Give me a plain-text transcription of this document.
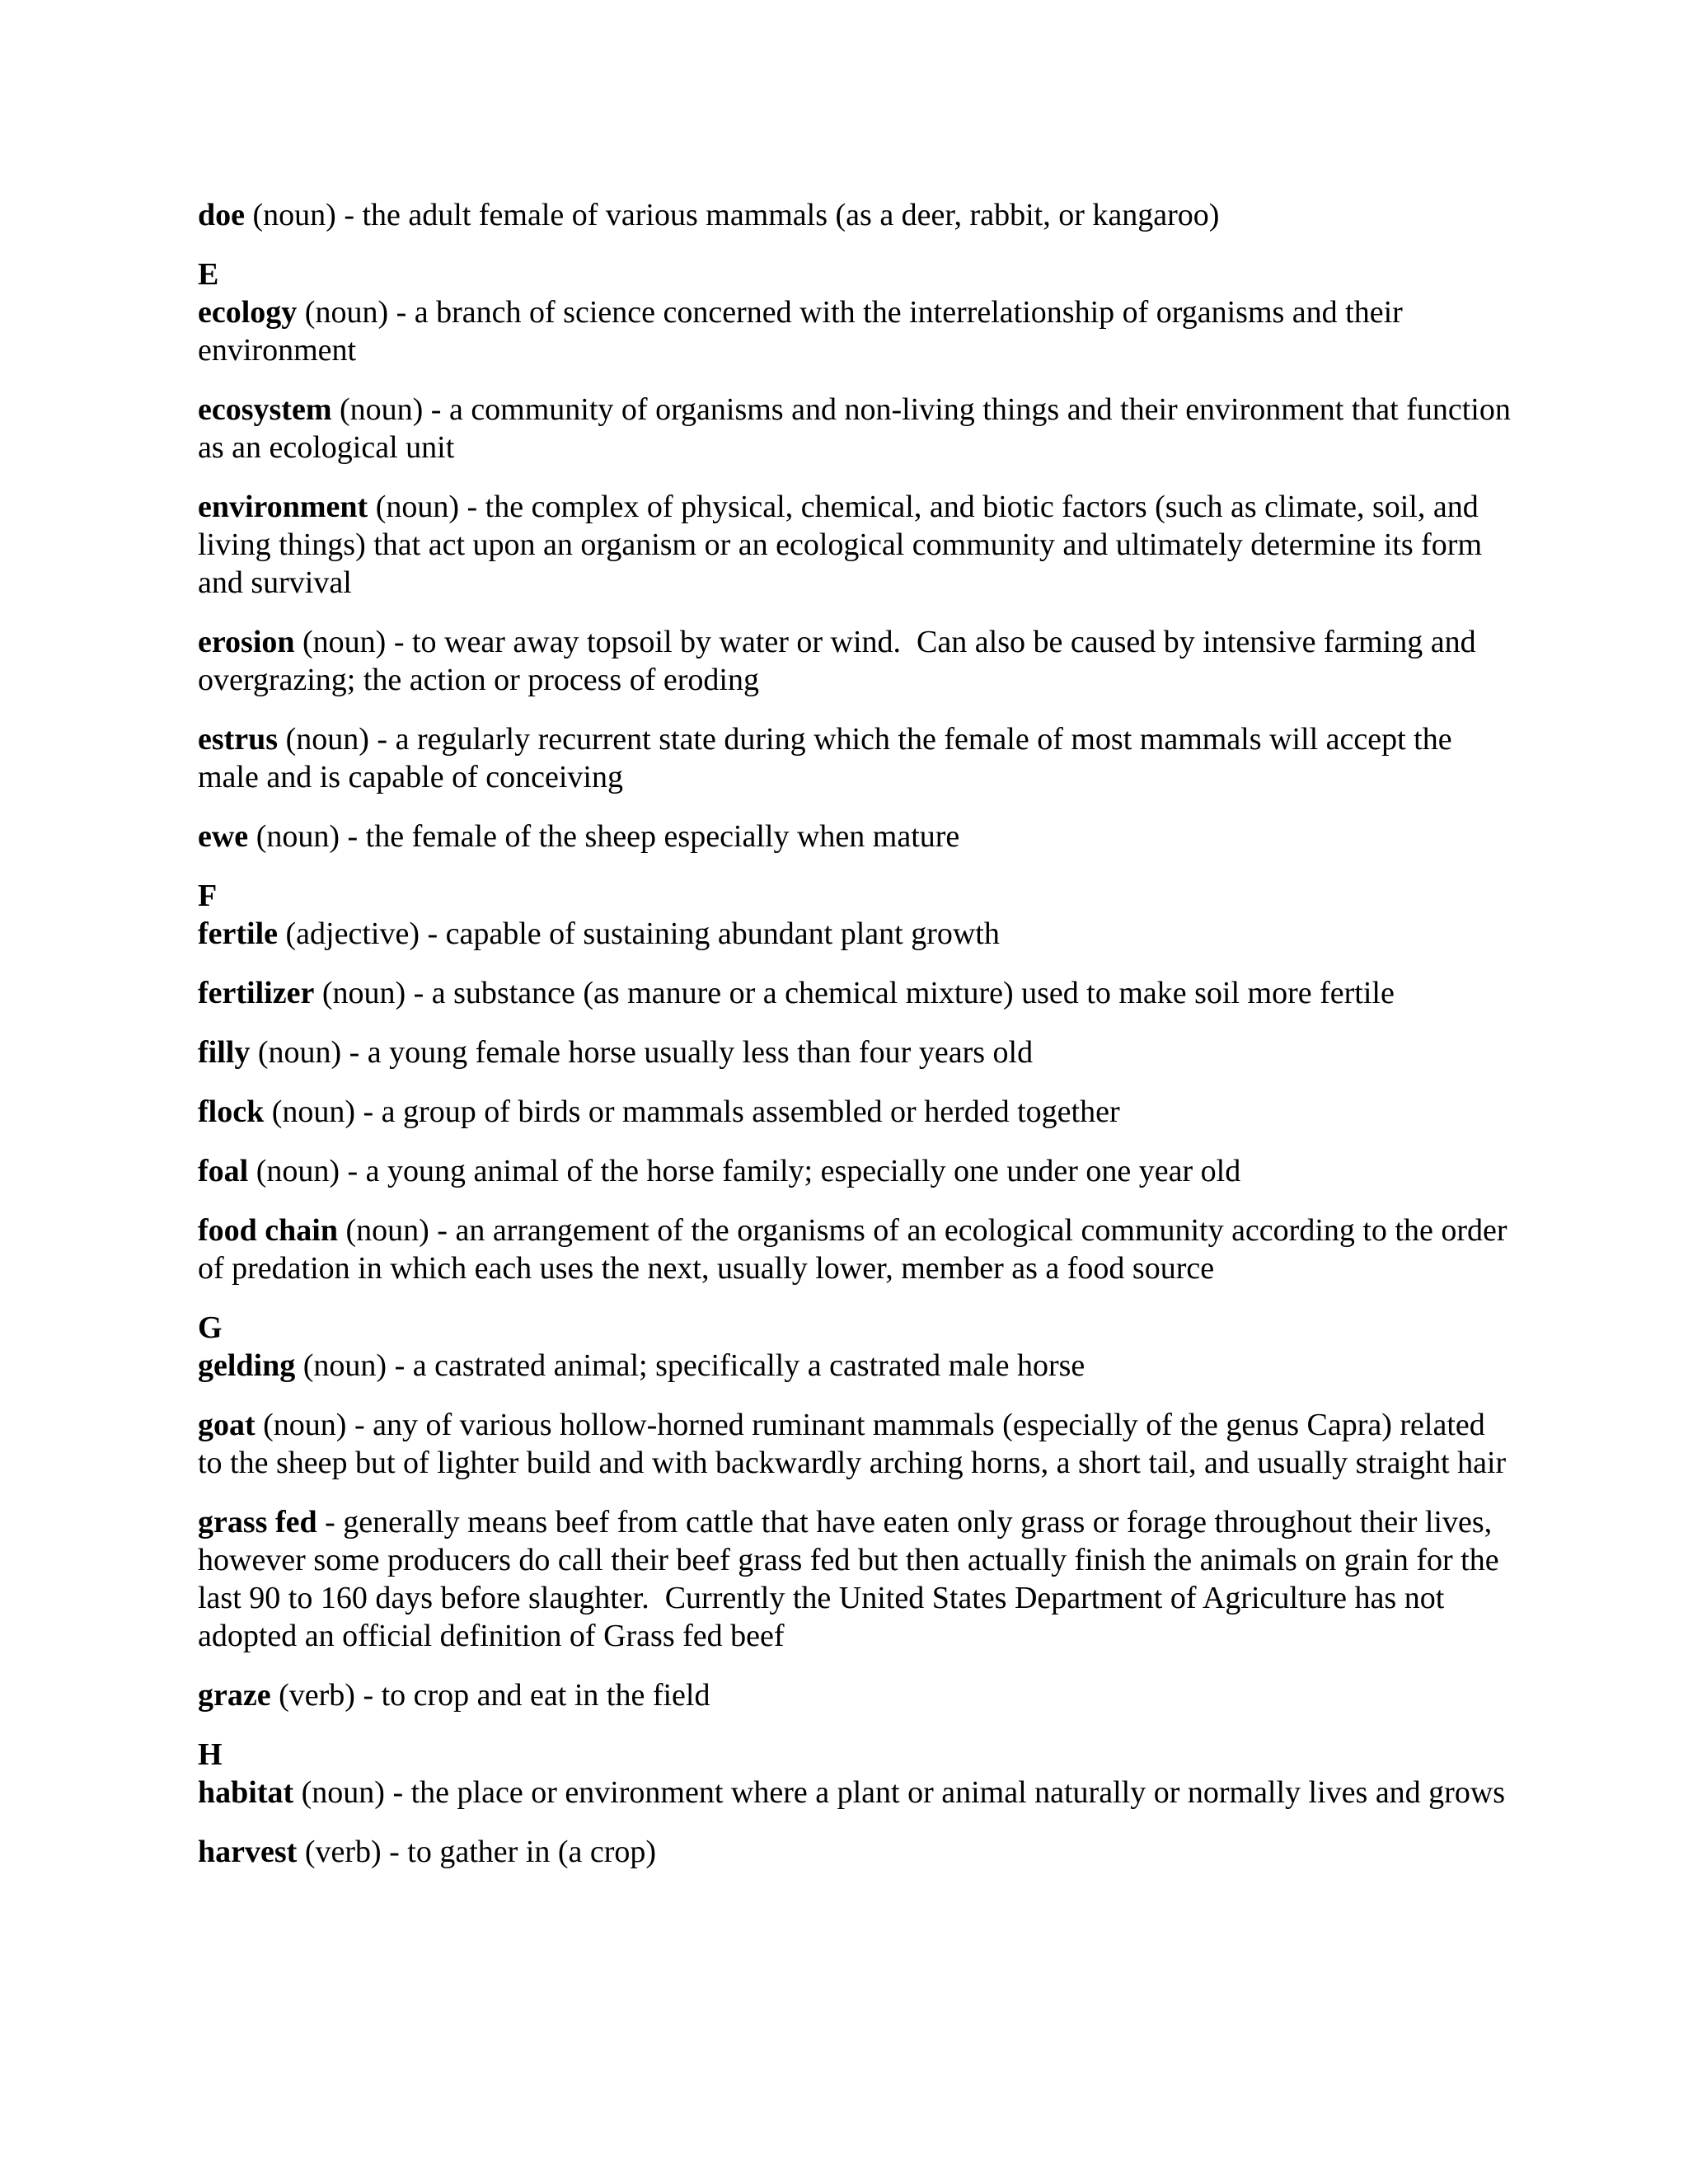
doe (noun) - the adult female of various mammals (as a deer, rabbit, or kangaroo)

E

ecology (noun) - a branch of science concerned with the interrelationship of organisms and their environment

ecosystem (noun) - a community of organisms and non-living things and their environment that function as an ecological unit

environment (noun) - the complex of physical, chemical, and biotic factors (such as climate, soil, and living things) that act upon an organism or an ecological community and ultimately determine its form and survival

erosion (noun) - to wear away topsoil by water or wind.  Can also be caused by intensive farming and overgrazing; the action or process of eroding

estrus (noun) - a regularly recurrent state during which the female of most mammals will accept the male and is capable of conceiving

ewe (noun) - the female of the sheep especially when mature

F

fertile (adjective) - capable of sustaining abundant plant growth

fertilizer (noun) - a substance (as manure or a chemical mixture) used to make soil more fertile

filly (noun) - a young female horse usually less than four years old

flock (noun) - a group of birds or mammals assembled or herded together

foal (noun) - a young animal of the horse family; especially one under one year old

food chain (noun) - an arrangement of the organisms of an ecological community according to the order of predation in which each uses the next, usually lower, member as a food source

G

gelding (noun) - a castrated animal; specifically a castrated male horse

goat (noun) - any of various hollow-horned ruminant mammals (especially of the genus Capra) related to the sheep but of lighter build and with backwardly arching horns, a short tail, and usually straight hair

grass fed - generally means beef from cattle that have eaten only grass or forage throughout their lives, however some producers do call their beef grass fed but then actually finish the animals on grain for the last 90 to 160 days before slaughter.  Currently the United States Department of Agriculture has not adopted an official definition of Grass fed beef

graze (verb) - to crop and eat in the field

H

habitat (noun) - the place or environment where a plant or animal naturally or normally lives and grows

harvest (verb) - to gather in (a crop)
